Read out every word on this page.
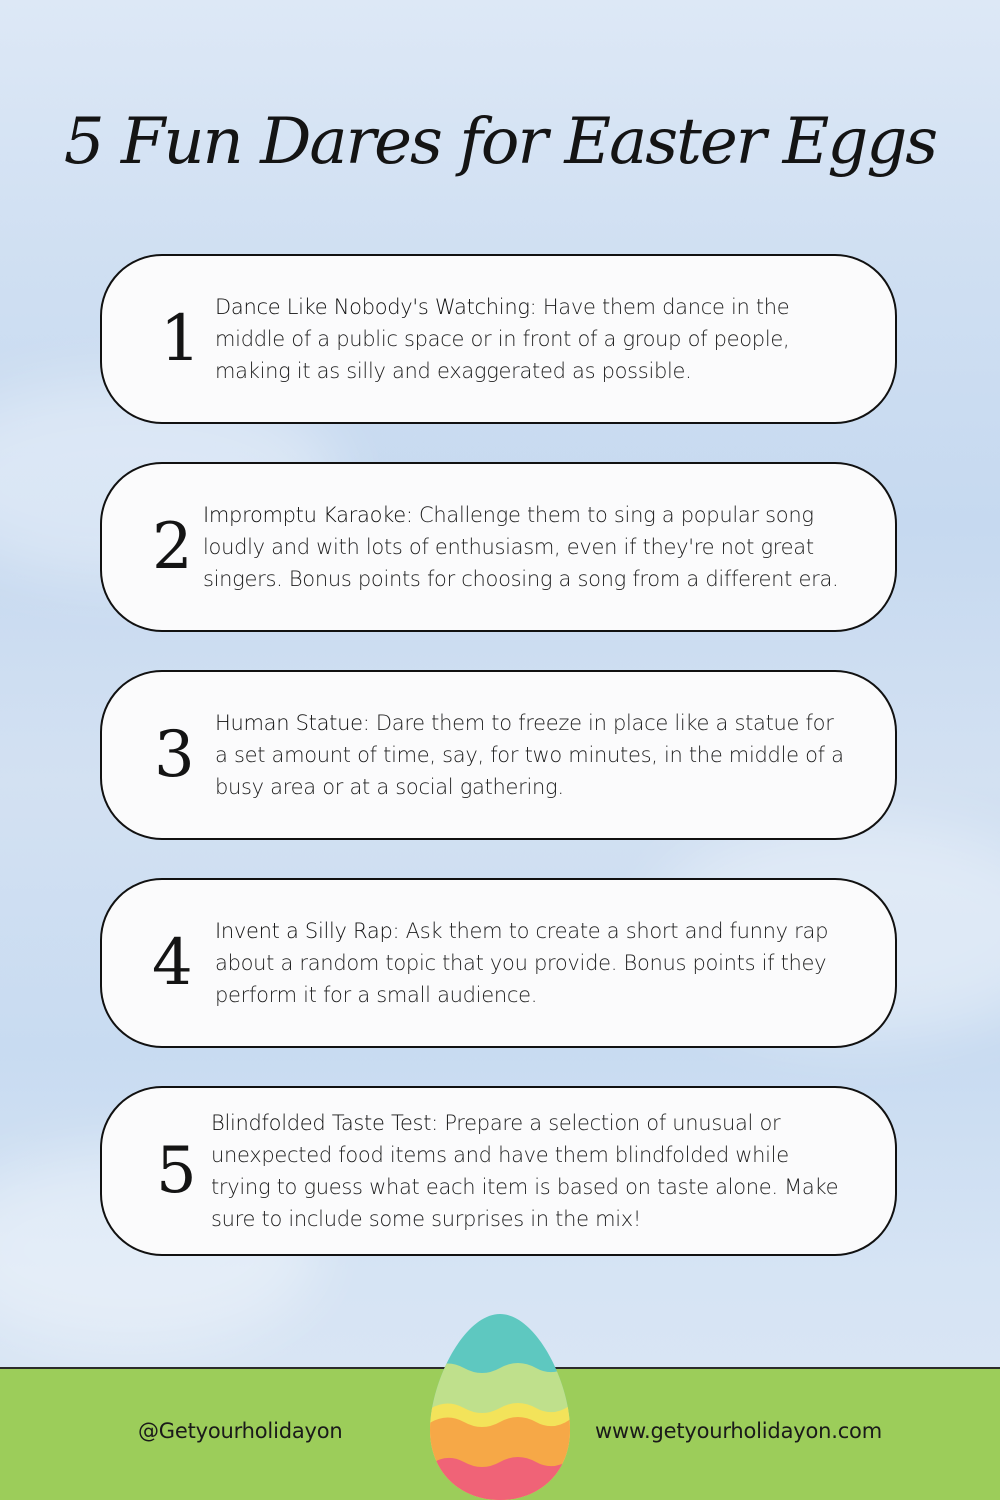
5 Fun Dares for Easter Eggs
1 Dance Like Nobody's Watching: Have them dance in the middle of a public space or in front of a group of people, making it as silly and exaggerated as possible.
2 Impromptu Karaoke: Challenge them to sing a popular song loudly and with lots of enthusiasm, even if they're not great singers. Bonus points for choosing a song from a different era.
3 Human Statue: Dare them to freeze in place like a statue for a set amount of time, say, for two minutes, in the middle of a busy area or at a social gathering.
4 Invent a Silly Rap: Ask them to create a short and funny rap about a random topic that you provide. Bonus points if they perform it for a small audience.
5
Blindfolded Taste Test: Prepare a selection of unusual or unexpected food items and have them blindfolded while trying to guess what each item is based on taste alone. Make sure to include some surprises in the mix!
@Getyourholidayon	www.getyourholidayon.com
